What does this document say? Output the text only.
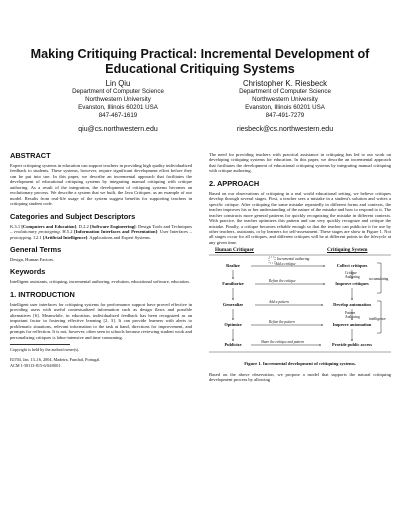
Making Critiquing Practical: Incremental Development of Educational Critiquing Systems
Lin Qiu
Department of Computer Science
Northwestern University
Evanston, Illinois 60201 USA
847-467-1619
qiu@cs.northwestern.edu
Christopher K. Riesbeck
Department of Computer Science
Northwestern University
Evanston, Illinois 60201 USA
847-491-7279
riesbeck@cs.northwestern.edu
ABSTRACT

Expert critiquing systems in education can support teachers in providing high quality individualized feedback to students. These systems, however, require significant development effort before they can be put into use. In this paper, we describe an incremental approach that facilitates the development of educational critiquing systems by integrating manual critiquing with critique authoring. As a result of the integration, the development of critiquing systems becomes an evolutionary process. We describe a system that we built, the Java Critiquer, as an example of our model. Results from real-life usage of the system suggest benefits for supporting teachers in critiquing student code.

Categories and Subject Descriptors

K.3.1 [Computers and Education]: D.2.2 [Software Engineering]: Design Tools and Techniques – evolutionary prototyping. H.5.2 [Information Interfaces and Presentation]: User Interfaces – prototyping. I.2.1 [Artificial Intelligence]: Applications and Expert Systems.

General Terms

Design, Human Factors.

Keywords

Intelligent assistants, critiquing, incremental authoring, evolution, educational software, education.

1. INTRODUCTION

Intelligent user interfaces for critiquing systems for performance support have proved effective in providing users with useful contextualized information such as design flaws and possible alternatives [6]. Meanwhile, in education, individualized feedback has been recognized as an important factor in fostering effective learning [2, 3]. It can provide learners with alerts to problematic situations, relevant information to the task at hand, directions for improvement, and prompts for reflection. It is not, however, often seen in schools because reviewing student work and personalizing critiques is labor-intensive and time consuming.

Copyright is held by the author/owner(s).
IUI'04, Jan. 13–16, 2004, Madeira, Funchal, Portugal.
ACM 1-58113-815-6/04/0001.

The need for providing teachers with practical assistance in critiquing has led to our work on developing critiquing systems for education. In this paper, we describe an incremental approach that facilitates the development of educational critiquing systems by integrating manual critiquing with critique authoring.

2. APPROACH

Based on our observations of critiquing in a real world educational setting, we believe critiques develop through several stages. First, a teacher sees a mistake in a student's solution and writes a specific critique. After critiquing the same mistake repeatedly in different forms and contexts, the teacher improves his or her understanding of the nature of the mistake and how to respond to it. The teacher constructs more general patterns for quickly recognizing the mistake in different contexts. With practice, the teacher optimizes this pattern and can very quickly recognize and critique the mistake. Finally, a critique becomes reliable enough so that the teacher can publicize it for use by other teachers, assistants, or by learners for self-assessment. These stages are show in Figure 1. Not all stages occur for all critiques, and different critiques will be at different points in the lifecycle at any given time.

Human Critiquer	Critiquing System
Realize
Familiarize
Generalize
Optimize
Publicize
Collect critiques
Improve critiques
Develop automation
Improve automation
Provide public access
Incremental authoring
Add a critique
Refine the critique
Add a pattern
Refine the pattern
Share the critique and pattern
Critique Authoring	accumulating
Pattern Authoring	intelligence
Figure 1. Incremental development of critiquing systems.

Based on the above observation, we propose a model that supports the natural critiquing development process by allowing
